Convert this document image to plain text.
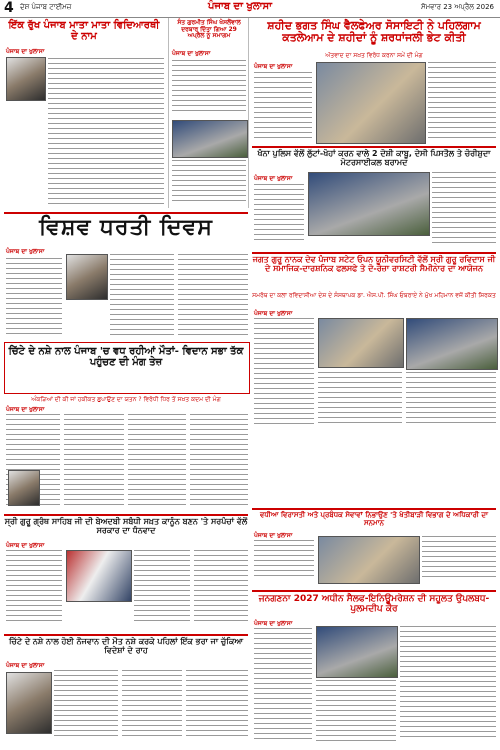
4 ਦੇਸ਼ ਪੰਜਾਬ ਟਾਈਮਜ਼	ਪੰਜਾਬ ਦਾ ਖੁਲਾਸਾ	ਸੋਮਵਾਰ 23 ਅਪ੍ਰੈਲ 2026
ਇੱਕ ਰੁੱਖ ਪੰਜਾਬ ਮਾਤਾ ਮਾਤਾ ਵਿਦਿਆਰਥੀ ਦੇ ਨਾਮ
ਪੰਜਾਬ ਦਾ ਖੁਲਾਸਾ
ਸੰਤ ਗੁਰਮੀਤ ਸਿੰਘ ਖੋਸਲੋਂਵਾਲ ਦਰਬਾਰ ਦਿੱਤਾ ਗਿਆ 29 ਅਪ੍ਰੈਲ ਨੂੰ ਸਮਾਗਮ
ਪੰਜਾਬ ਦਾ ਖੁਲਾਸਾ
ਸ਼ਹੀਦ ਭਗਤ ਸਿੰਘ ਵੈਲਫੇਅਰ ਸੋਸਾਇਟੀ ਨੇ ਪਹਿਲਗਾਮ ਕਤਲੇਆਮ ਦੇ ਸ਼ਹੀਦਾਂ ਨੂੰ ਸ਼ਰਧਾਂਜਲੀ ਭੇਟ ਕੀਤੀ
ਅੱਤਵਾਦ ਦਾ ਸਖ਼ਤ ਵਿਰੋਧ ਕਰਨਾ ਸਮੇਂ ਦੀ ਮੰਗ
ਪੰਜਾਬ ਦਾ ਖੁਲਾਸਾ
ਖੰਨਾ ਪੁਲਿਸ ਵੱਲੋਂ ਲੁੱਟਾਂ-ਖੋਹਾਂ ਕਰਨ ਵਾਲੇ 2 ਦੋਸ਼ੀ ਕਾਬੂ, ਦੇਸੀ ਪਿਸਤੌਲ ਤੇ ਚੋਰੀਸ਼ੁਦਾ ਮੋਟਰਸਾਈਕਲ ਬਰਾਮਦ
ਪੰਜਾਬ ਦਾ ਖੁਲਾਸਾ
ਵਿਸ਼ਵ ਧਰਤੀ ਦਿਵਸ
ਪੰਜਾਬ ਦਾ ਖੁਲਾਸਾ
ਜਗਤ ਗੁਰੂ ਨਾਨਕ ਦੇਵ ਪੰਜਾਬ ਸਟੇਟ ਓਪਨ ਯੂਨੀਵਰਸਿਟੀ ਵੱਲੋਂ ਸ੍ਰੀ ਗੁਰੂ ਰਵਿਦਾਸ ਜੀ ਦੇ ਸਮਾਜਿਕ-ਦਾਰਸ਼ਨਿਕ ਫਲਸਫੇ ਤੇ ਦੋ-ਰੋਜ਼ਾ ਰਾਸ਼ਟਰੀ ਸੈਮੀਨਾਰ ਦਾ ਆਯੋਜਨ
ਸਮਰੱਥ ਦਾ ਕਲਾ ਰਵਿਦਾਸੀਆ ਦੇਸ਼ ਦੇ ਸੰਸਥਾਪਕ ਡਾ. ਐਸ.ਪੀ. ਸਿੰਘ ਓਬਰਾਏ ਨੇ ਮੁੱਖ ਮਹਿਮਾਨ ਵਜੋਂ ਕੀਤੀ ਸ਼ਿਰਕਤ
ਪੰਜਾਬ ਦਾ ਖੁਲਾਸਾ
ਚਿੱਟੇ ਦੇ ਨਸ਼ੇ ਨਾਲ ਪੰਜਾਬ 'ਚ ਵਧ ਰਹੀਆਂ ਮੌਤਾਂ- ਵਿਦਾਨ ਸਭਾ ਤੱਕ ਪਹੁੰਚਣ ਦੀ ਮੰਗ ਤੇਜ਼
ਅੰਕੜਿਆਂ ਦੀ ਕੀ ਜਾਂ ਹਕੀਕਤ ਛੁਪਾਉਣ ਦਾ ਯਤਨ ? ਵਿਰੋਧੀ ਧਿਰ ਤੋਂ ਸਖ਼ਤ ਕਦਮ ਦੀ ਮੰਗ
ਪੰਜਾਬ ਦਾ ਖੁਲਾਸਾ
ਵਧੀਆ ਵਿਰਾਸਤੀ ਅਤੇ ਪ੍ਰਬੰਧਕ ਸੇਵਾਵਾਂ ਨਿਭਾਉਣ 'ਤੇ ਖੇਤੀਬਾੜੀ ਵਿਭਾਗ ਦੇ ਅਧਿਕਾਰੀ ਦਾ ਸਨਮਾਨ
ਪੰਜਾਬ ਦਾ ਖੁਲਾਸਾ
ਸ੍ਰੀ ਗੁਰੂ ਗ੍ਰੰਥ ਸਾਹਿਬ ਜੀ ਦੀ ਬੇਅਦਬੀ ਸਬੰਧੀ ਸਖ਼ਤ ਕਾਨੂੰਨ ਬਣਨ 'ਤੇ ਸਰਪੰਚਾਂ ਵੱਲੋਂ ਸਰਕਾਰ ਦਾ ਧੰਨਵਾਦ
ਪੰਜਾਬ ਦਾ ਖੁਲਾਸਾ
ਜਨਗਣਨਾ 2027 ਅਧੀਨ ਸੈਲਫ-ਇਨਿਊਮਰੇਸ਼ਨ ਦੀ ਸਹੂਲਤ ਉਪਲਬਧ- ਪੁਲਮਦੀਪ ਕੌਰ
ਪੰਜਾਬ ਦਾ ਖੁਲਾਸਾ
ਚਿੱਟੇ ਦੇ ਨਸ਼ੇ ਨਾਲ ਹੋਈ ਨੌਜਵਾਨ ਦੀ ਮੌਤ ਨਸ਼ੇ ਕਰਕੇ ਪਹਿਲਾਂ ਇੱਕ ਭਰਾ ਜਾ ਚੁੱਕਿਆ ਵਿਦੇਸ਼ਾਂ ਦੇ ਰਾਹ
ਪੰਜਾਬ ਦਾ ਖੁਲਾਸਾ
